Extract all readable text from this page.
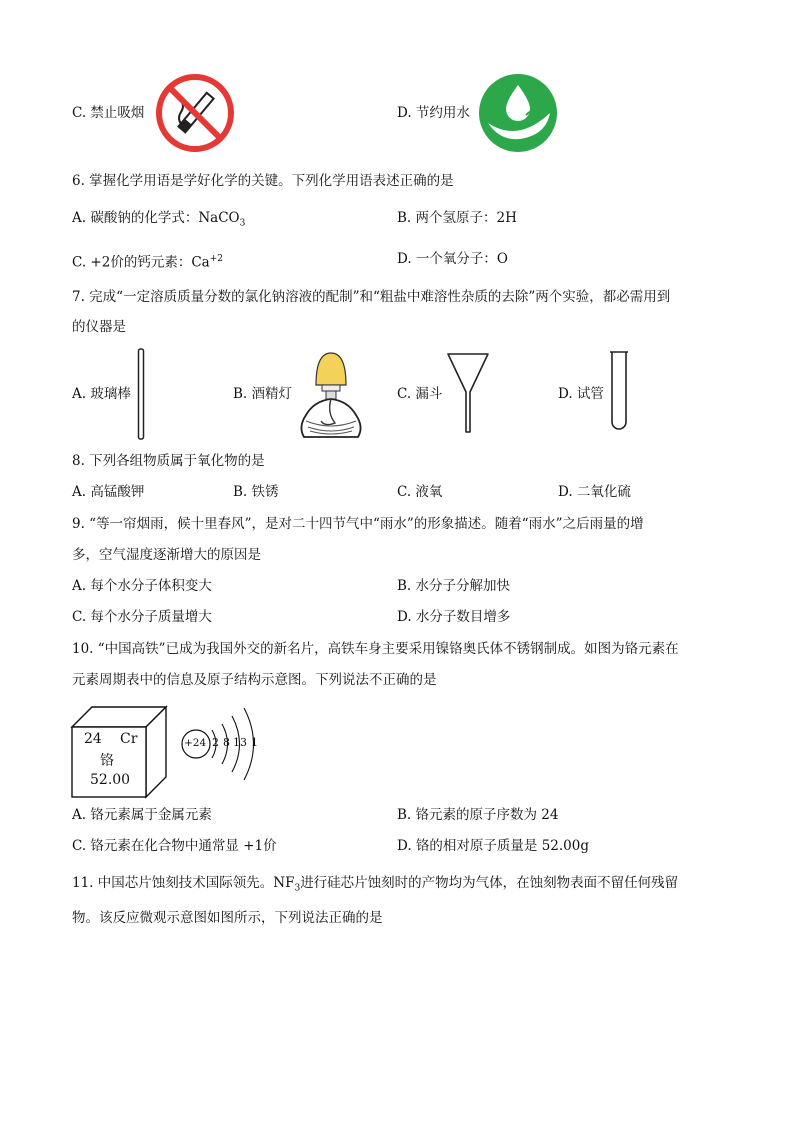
C. 禁止吸烟	D. 节约用水
6. 掌握化学用语是学好化学的关键。下列化学用语表述正确的是
A. 碳酸钠的化学式：NaCO$_3$	B. 两个氢原子：2H
C. +2价的钙元素：$Ca^{+2}$	D. 一个氧分子：O
7. 完成“一定溶质质量分数的氯化钠溶液的配制”和“粗盐中难溶性杂质的去除”两个实验，都必需用到
的仪器是
A. 玻璃棒	B. 酒精灯	C. 漏斗	D. 试管
8. 下列各组物质属于氧化物的是
A. 高锰酸钾	B. 铁锈	C. 液氧	D. 二氧化硫
9. “等一帘烟雨，候十里春风”，是对二十四节气中“雨水”的形象描述。随着“雨水”之后雨量的增
多，空气湿度逐渐增大的原因是
A. 每个水分子体积变大	B. 水分子分解加快
C. 每个水分子质量增大	D. 水分子数目增多
10. “中国高铁”已成为我国外交的新名片，高铁车身主要采用镍铬奥氏体不锈钢制成。如图为铬元素在
元素周期表中的信息及原子结构示意图。下列说法不正确的是
24 Cr
铬
52.00
+24 2 8 13 1
A. 铬元素属于金属元素	B. 铬元素的原子序数为 24
C. 铬元素在化合物中通常显 +1价	D. 铬的相对原子质量是 52.00g
11. 中国芯片蚀刻技术国际领先。$NF_3$进行硅芯片蚀刻时的产物均为气体，在蚀刻物表面不留任何残留
物。该反应微观示意图如图所示，下列说法正确的是
